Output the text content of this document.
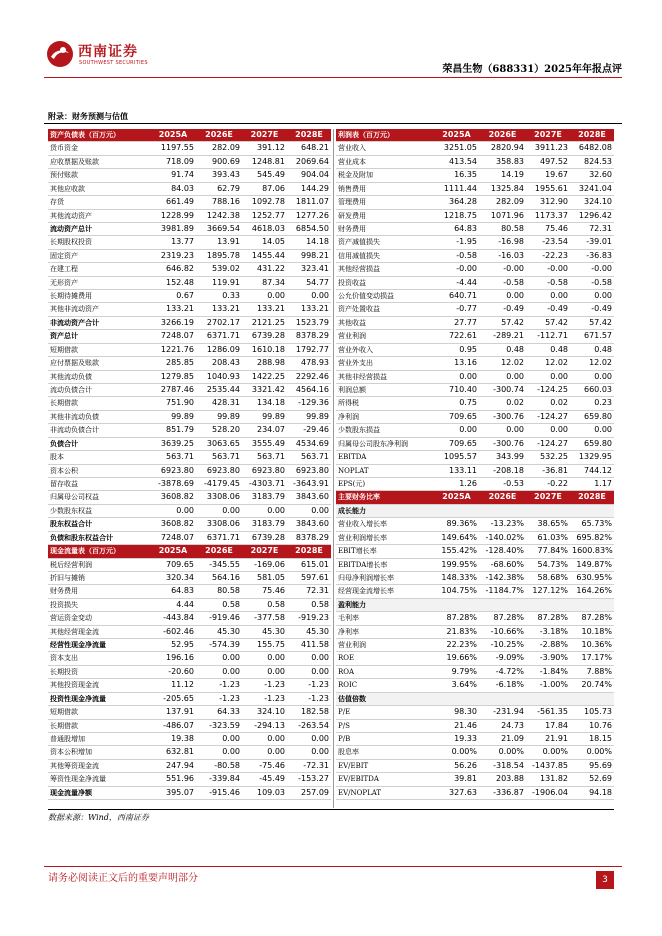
西南证券
SOUTHWEST SECURITIES
荣昌生物（688331）2025年年报点评
附录：财务预测与估值
资产负债表（百万元）	2025A	2026E	2027E	2028E
货币资金	1197.55	282.09	391.12	648.21
应收票据及账款	718.09	900.69	1248.81	2069.64
预付账款	91.74	393.43	545.49	904.04
其他应收款	84.03	62.79	87.06	144.29
存货	661.49	788.16	1092.78	1811.07
其他流动资产	1228.99	1242.38	1252.77	1277.26
流动资产总计	3981.89	3669.54	4618.03	6854.50
长期股权投资	13.77	13.91	14.05	14.18
固定资产	2319.23	1895.78	1455.44	998.21
在建工程	646.82	539.02	431.22	323.41
无形资产	152.48	119.91	87.34	54.77
长期待摊费用	0.67	0.33	0.00	0.00
其他非流动资产	133.21	133.21	133.21	133.21
非流动资产合计	3266.19	2702.17	2121.25	1523.79
资产总计	7248.07	6371.71	6739.28	8378.29
短期借款	1221.76	1286.09	1610.18	1792.77
应付票据及账款	285.85	208.43	288.98	478.93
其他流动负债	1279.85	1040.93	1422.25	2292.46
流动负债合计	2787.46	2535.44	3321.42	4564.16
长期借款	751.90	428.31	134.18	-129.36
其他非流动负债	99.89	99.89	99.89	99.89
非流动负债合计	851.79	528.20	234.07	-29.46
负债合计	3639.25	3063.65	3555.49	4534.69
股本	563.71	563.71	563.71	563.71
资本公积	6923.80	6923.80	6923.80	6923.80
留存收益	-3878.69	-4179.45	-4303.71	-3643.91
归属母公司权益	3608.82	3308.06	3183.79	3843.60
少数股东权益	0.00	0.00	0.00	0.00
股东权益合计	3608.82	3308.06	3183.79	3843.60
负债和股东权益合计	7248.07	6371.71	6739.28	8378.29
现金流量表（百万元）	2025A	2026E	2027E	2028E
税后经营利润	709.65	-345.55	-169.06	615.01
折旧与摊销	320.34	564.16	581.05	597.61
财务费用	64.83	80.58	75.46	72.31
投资损失	4.44	0.58	0.58	0.58
营运资金变动	-443.84	-919.46	-377.58	-919.23
其他经营现金流	-602.46	45.30	45.30	45.30
经营性现金净流量	52.95	-574.39	155.75	411.58
资本支出	196.16	0.00	0.00	0.00
长期投资	-20.60	0.00	0.00	0.00
其他投资现金流	11.12	-1.23	-1.23	-1.23
投资性现金净流量	-205.65	-1.23	-1.23	-1.23
短期借款	137.91	64.33	324.10	182.58
长期借款	-486.07	-323.59	-294.13	-263.54
普通股增加	19.38	0.00	0.00	0.00
资本公积增加	632.81	0.00	0.00	0.00
其他筹资现金流	247.94	-80.58	-75.46	-72.31
筹资性现金净流量	551.96	-339.84	-45.49	-153.27
现金流量净额	395.07	-915.46	109.03	257.09
利润表（百万元）	2025A	2026E	2027E	2028E
营业收入	3251.05	2820.94	3911.23	6482.08
营业成本	413.54	358.83	497.52	824.53
税金及附加	16.35	14.19	19.67	32.60
销售费用	1111.44	1325.84	1955.61	3241.04
管理费用	364.28	282.09	312.90	324.10
研发费用	1218.75	1071.96	1173.37	1296.42
财务费用	64.83	80.58	75.46	72.31
资产减值损失	-1.95	-16.98	-23.54	-39.01
信用减值损失	-0.58	-16.03	-22.23	-36.83
其他经营损益	-0.00	-0.00	-0.00	-0.00
投资收益	-4.44	-0.58	-0.58	-0.58
公允价值变动损益	640.71	0.00	0.00	0.00
资产处置收益	-0.77	-0.49	-0.49	-0.49
其他收益	27.77	57.42	57.42	57.42
营业利润	722.61	-289.21	-112.71	671.57
营业外收入	0.95	0.48	0.48	0.48
营业外支出	13.16	12.02	12.02	12.02
其他非经营损益	0.00	0.00	0.00	0.00
利润总额	710.40	-300.74	-124.25	660.03
所得税	0.75	0.02	0.02	0.23
净利润	709.65	-300.76	-124.27	659.80
少数股东损益	0.00	0.00	0.00	0.00
归属母公司股东净利润	709.65	-300.76	-124.27	659.80
EBITDA	1095.57	343.99	532.25	1329.95
NOPLAT	133.11	-208.18	-36.81	744.12
EPS(元)	1.26	-0.53	-0.22	1.17
主要财务比率	2025A	2026E	2027E	2028E
成长能力				
营业收入增长率	89.36%	-13.23%	38.65%	65.73%
营业利润增长率	149.64%	-140.02%	61.03%	695.82%
EBIT增长率	155.42%	-128.40%	77.84%	1600.83%
EBITDA增长率	199.95%	-68.60%	54.73%	149.87%
归母净利润增长率	148.33%	-142.38%	58.68%	630.95%
经营现金流增长率	104.75%	-1184.7%	127.12%	164.26%
盈利能力				
毛利率	87.28%	87.28%	87.28%	87.28%
净利率	21.83%	-10.66%	-3.18%	10.18%
营业利润	22.23%	-10.25%	-2.88%	10.36%
ROE	19.66%	-9.09%	-3.90%	17.17%
ROA	9.79%	-4.72%	-1.84%	7.88%
ROIC	3.64%	-6.18%	-1.00%	20.74%
估值倍数				
P/E	98.30	-231.94	-561.35	105.73
P/S	21.46	24.73	17.84	10.76
P/B	19.33	21.09	21.91	18.15
股息率	0.00%	0.00%	0.00%	0.00%
EV/EBIT	56.26	-318.54	-1437.85	95.69
EV/EBITDA	39.81	203.88	131.82	52.69
EV/NOPLAT	327.63	-336.87	-1906.04	94.18
数据来源：Wind，西南证券
请务必阅读正文后的重要声明部分	3
